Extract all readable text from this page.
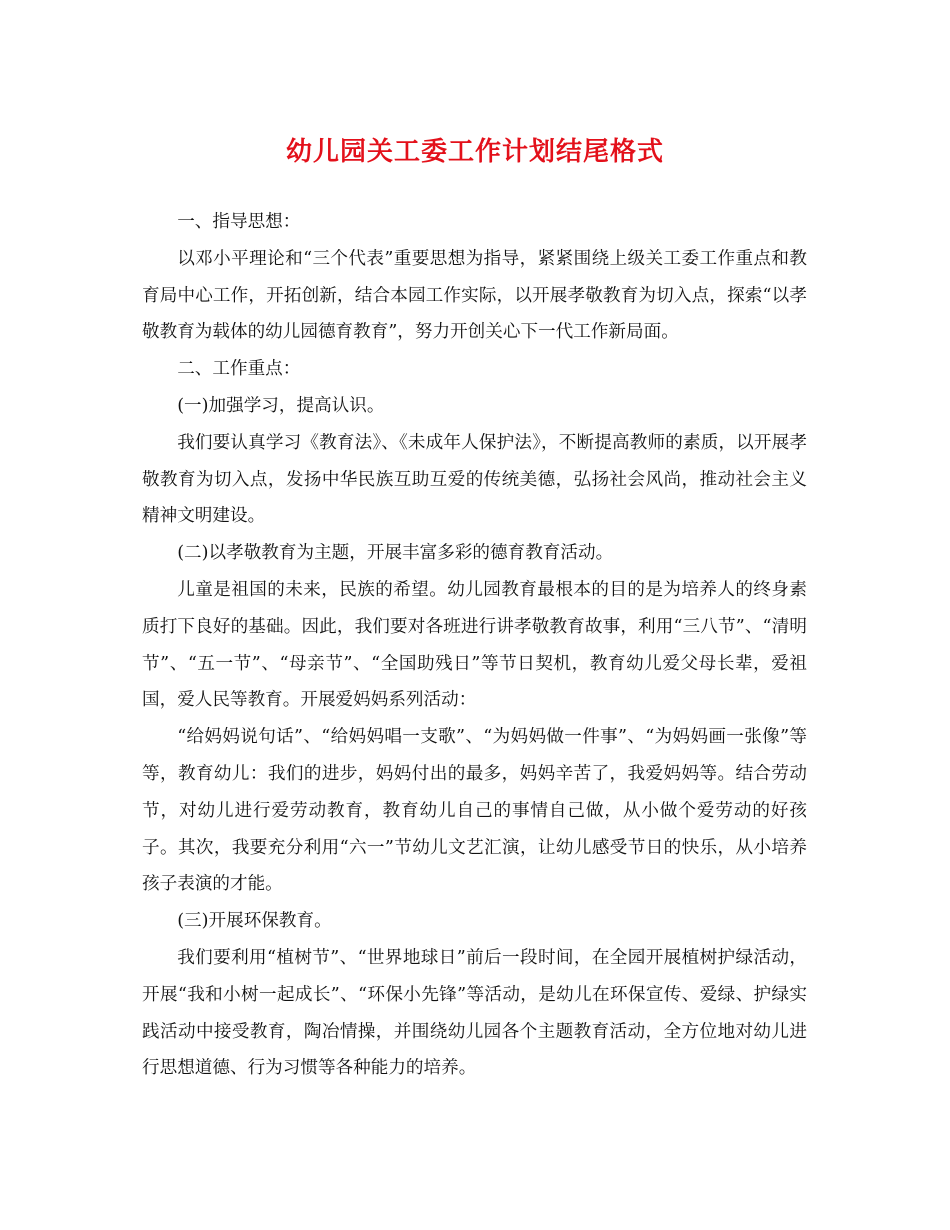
幼儿园关工委工作计划结尾格式

一、指导思想：

以邓小平理论和“三个代表”重要思想为指导，紧紧围绕上级关工委工作重点和教育局中心工作，开拓创新，结合本园工作实际，以开展孝敬教育为切入点，探索“以孝敬教育为载体的幼儿园德育教育”，努力开创关心下一代工作新局面。

二、工作重点：

(一)加强学习，提高认识。

我们要认真学习《教育法》、《未成年人保护法》，不断提高教师的素质，以开展孝敬教育为切入点，发扬中华民族互助互爱的传统美德，弘扬社会风尚，推动社会主义精神文明建设。

(二)以孝敬教育为主题，开展丰富多彩的德育教育活动。

儿童是祖国的未来，民族的希望。幼儿园教育最根本的目的是为培养人的终身素质打下良好的基础。因此，我们要对各班进行讲孝敬教育故事，利用“三八节”、“清明节”、“五一节”、“母亲节”、“全国助残日”等节日契机，教育幼儿爱父母长辈，爱祖国，爱人民等教育。开展爱妈妈系列活动：

“给妈妈说句话”、“给妈妈唱一支歌”、“为妈妈做一件事”、“为妈妈画一张像”等等，教育幼儿：我们的进步，妈妈付出的最多，妈妈辛苦了，我爱妈妈等。结合劳动节，对幼儿进行爱劳动教育，教育幼儿自己的事情自己做，从小做个爱劳动的好孩子。其次，我要充分利用“六一”节幼儿文艺汇演，让幼儿感受节日的快乐，从小培养孩子表演的才能。

(三)开展环保教育。

我们要利用“植树节”、“世界地球日”前后一段时间，在全园开展植树护绿活动，开展“我和小树一起成长”、“环保小先锋”等活动，是幼儿在环保宣传、爱绿、护绿实践活动中接受教育，陶冶情操，并围绕幼儿园各个主题教育活动，全方位地对幼儿进行思想道德、行为习惯等各种能力的培养。
